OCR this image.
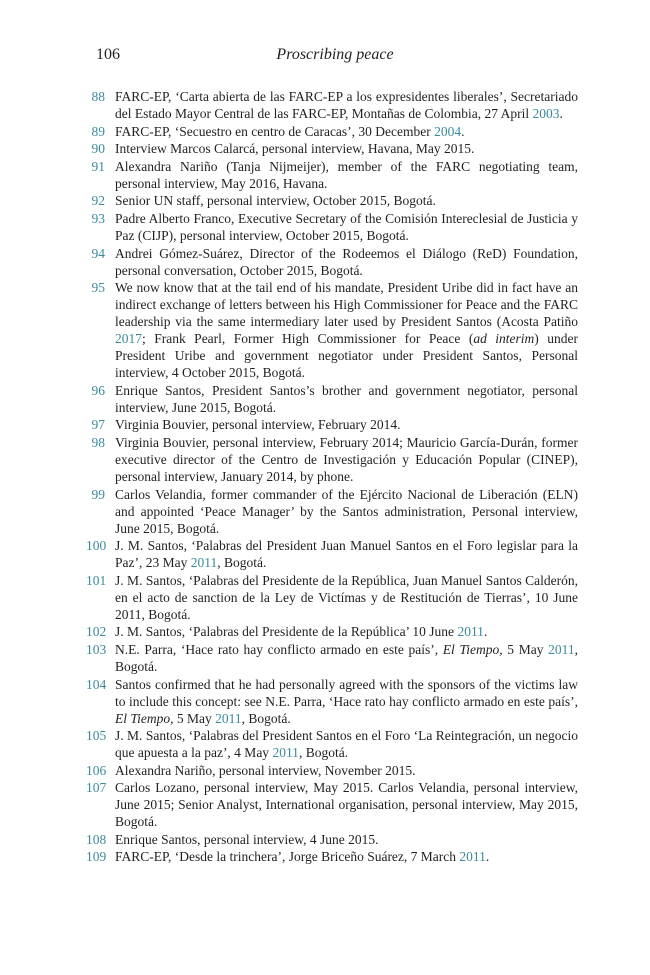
106	Proscribing peace
88 FARC-EP, ‘Carta abierta de las FARC-EP a los expresidentes liberales’, Secretariado del Estado Mayor Central de las FARC-EP, Montañas de Colombia, 27 April 2003.
89 FARC-EP, ‘Secuestro en centro de Caracas’, 30 December 2004.
90 Interview Marcos Calarcá, personal interview, Havana, May 2015.
91 Alexandra Nariño (Tanja Nijmeijer), member of the FARC negotiating team, personal interview, May 2016, Havana.
92 Senior UN staff, personal interview, October 2015, Bogotá.
93 Padre Alberto Franco, Executive Secretary of the Comisión Intereclesial de Justicia y Paz (CIJP), personal interview, October 2015, Bogotá.
94 Andrei Gómez-Suárez, Director of the Rodeemos el Diálogo (ReD) Foundation, personal conversation, October 2015, Bogotá.
95 We now know that at the tail end of his mandate, President Uribe did in fact have an indirect exchange of letters between his High Commissioner for Peace and the FARC leadership via the same intermediary later used by President Santos (Acosta Patiño 2017; Frank Pearl, Former High Commissioner for Peace (ad interim) under President Uribe and government negotiator under President Santos, Personal interview, 4 October 2015, Bogotá.
96 Enrique Santos, President Santos’s brother and government negotiator, personal interview, June 2015, Bogotá.
97 Virginia Bouvier, personal interview, February 2014.
98 Virginia Bouvier, personal interview, February 2014; Mauricio García-Durán, former executive director of the Centro de Investigación y Educación Popular (CINEP), personal interview, January 2014, by phone.
99 Carlos Velandia, former commander of the Ejército Nacional de Liberación (ELN) and appointed ‘Peace Manager’ by the Santos administration, Personal interview, June 2015, Bogotá.
100 J. M. Santos, ‘Palabras del President Juan Manuel Santos en el Foro legislar para la Paz’, 23 May 2011, Bogotá.
101 J. M. Santos, ‘Palabras del Presidente de la República, Juan Manuel Santos Calderón, en el acto de sanction de la Ley de Victímas y de Restitución de Tierras’, 10 June 2011, Bogotá.
102 J. M. Santos, ‘Palabras del Presidente de la República’ 10 June 2011.
103 N.E. Parra, ‘Hace rato hay conflicto armado en este país’, El Tiempo, 5 May 2011, Bogotá.
104 Santos confirmed that he had personally agreed with the sponsors of the victims law to include this concept: see N.E. Parra, ‘Hace rato hay conflicto armado en este país’, El Tiempo, 5 May 2011, Bogotá.
105 J. M. Santos, ‘Palabras del President Santos en el Foro ‘La Reintegración, un negocio que apuesta a la paz’, 4 May 2011, Bogotá.
106 Alexandra Nariño, personal interview, November 2015.
107 Carlos Lozano, personal interview, May 2015. Carlos Velandia, personal interview, June 2015; Senior Analyst, International organisation, personal interview, May 2015, Bogotá.
108 Enrique Santos, personal interview, 4 June 2015.
109 FARC-EP, ‘Desde la trinchera’, Jorge Briceño Suárez, 7 March 2011.
